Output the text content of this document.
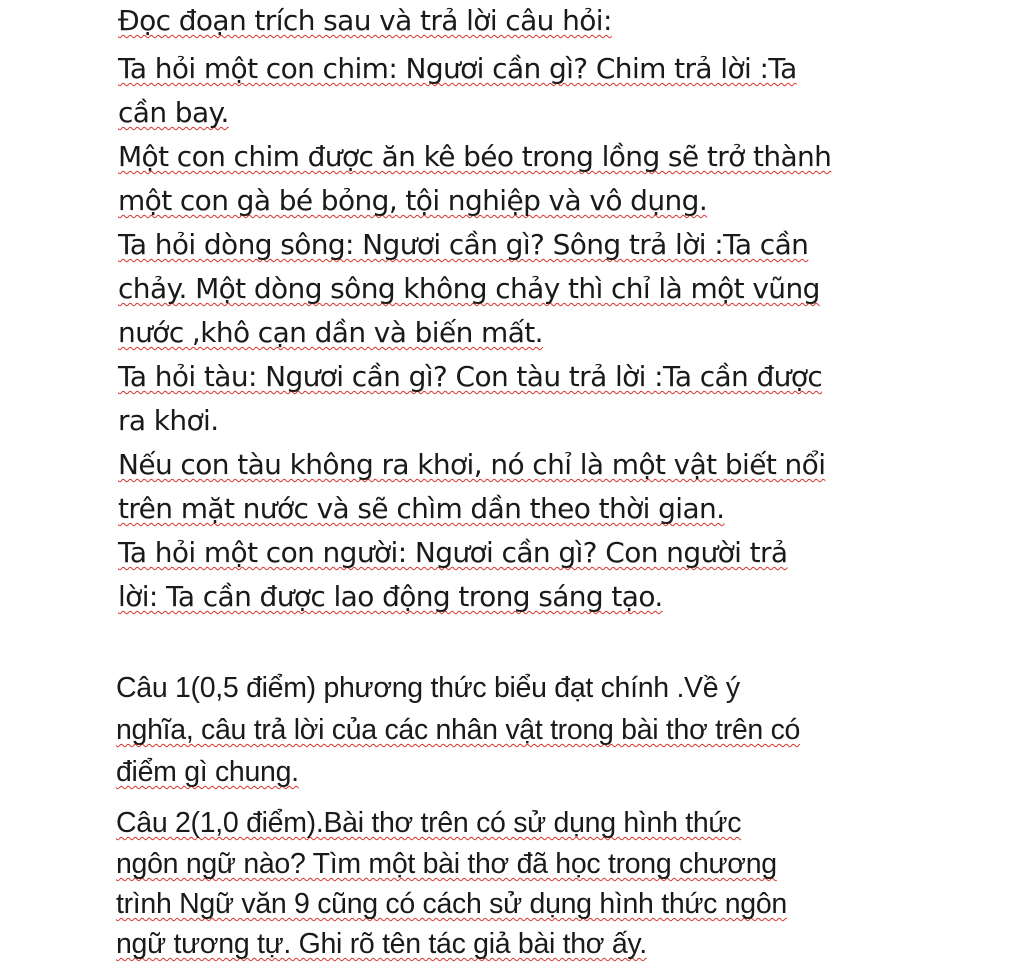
Đọc đoạn trích sau và trả lời câu hỏi:
Ta hỏi một con chim: Ngươi cần gì? Chim trả lời :Ta
cần bay.
Một con chim được ăn kê béo trong lồng sẽ trở thành
một con gà bé bỏng, tội nghiệp và vô dụng.
Ta hỏi dòng sông: Ngươi cần gì? Sông trả lời :Ta cần
chảy. Một dòng sông không chảy thì chỉ là một vũng
nước ,khô cạn dần và biến mất.
Ta hỏi tàu: Ngươi cần gì? Con tàu trả lời :Ta cần được
ra khơi.
Nếu con tàu không ra khơi, nó chỉ là một vật biết nổi
trên mặt nước và sẽ chìm dần theo thời gian.
Ta hỏi một con người: Ngươi cần gì? Con người trả
lời: Ta cần được lao động trong sáng tạo.
Câu 1(0,5 điểm) phương thức biểu đạt chính .Về ý
nghĩa, câu trả lời của các nhân vật trong bài thơ trên có
điểm gì chung.
Câu 2(1,0 điểm).Bài thơ trên có sử dụng hình thức
ngôn ngữ nào? Tìm một bài thơ đã học trong chương
trình Ngữ văn 9 cũng có cách sử dụng hình thức ngôn
ngữ tương tự. Ghi rõ tên tác giả bài thơ ấy.
